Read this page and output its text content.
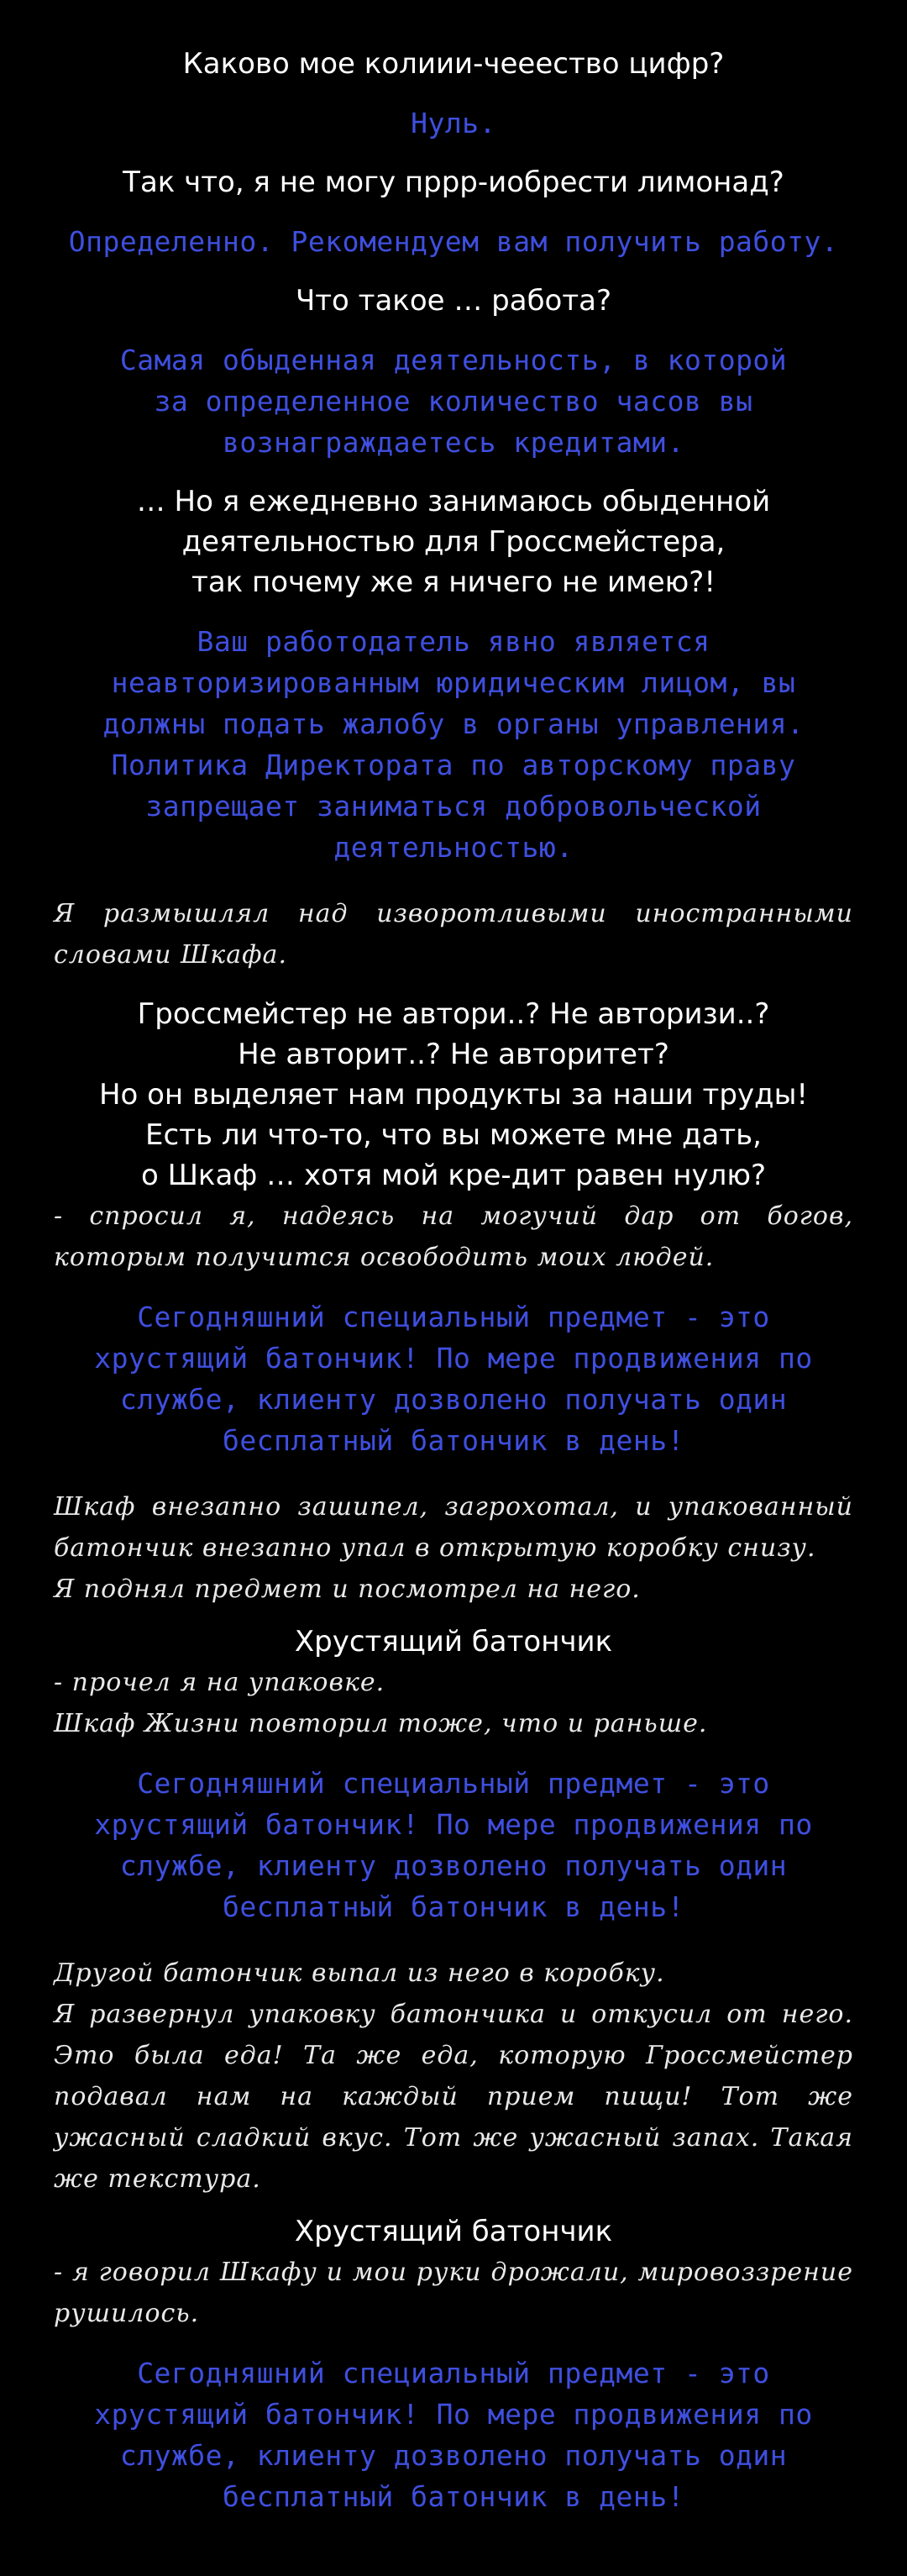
Каково мое колиии-чееество цифр?

Нуль.

Так что, я не могу пррр-иобрести лимонад?

Определенно. Рекомендуем вам получить работу.

Что такое … работа?

Самая обыденная деятельность, в которой
за определенное количество часов вы
вознаграждаетесь кредитами.

… Но я ежедневно занимаюсь обыденной
деятельностью для Гроссмейстера,
так почему же я ничего не имею?!

Ваш работодатель явно является
неавторизированным юридическим лицом, вы
должны подать жалобу в органы управления.
Политика Директората по авторскому праву
запрещает заниматься добровольческой
деятельностью.

Я размышлял над изворотливыми иностранными словами Шкафа.

Гроссмейстер не автори..? Не авторизи..?
Не авторит..? Не авторитет?
Но он выделяет нам продукты за наши труды!
Есть ли что-то, что вы можете мне дать,
о Шкаф … хотя мой кре-дит равен нулю?

- спросил я, надеясь на могучий дар от богов, которым получится освободить моих людей.

Сегодняшний специальный предмет - это
хрустящий батончик! По мере продвижения по
службе, клиенту дозволено получать один
бесплатный батончик в день!

Шкаф внезапно зашипел, загрохотал, и упакованный батончик внезапно упал в открытую коробку снизу.

Я поднял предмет и посмотрел на него.

Хрустящий батончик

- прочел я на упаковке.

Шкаф Жизни повторил тоже, что и раньше.

Сегодняшний специальный предмет - это
хрустящий батончик! По мере продвижения по
службе, клиенту дозволено получать один
бесплатный батончик в день!

Другой батончик выпал из него в коробку.

Я развернул упаковку батончика и откусил от него. Это была еда! Та же еда, которую Гроссмейстер подавал нам на каждый прием пищи! Тот же ужасный сладкий вкус. Тот же ужасный запах. Такая же текстура.

Хрустящий батончик

- я говорил Шкафу и мои руки дрожали, мировоззрение рушилось.

Сегодняшний специальный предмет - это
хрустящий батончик! По мере продвижения по
службе, клиенту дозволено получать один
бесплатный батончик в день!
